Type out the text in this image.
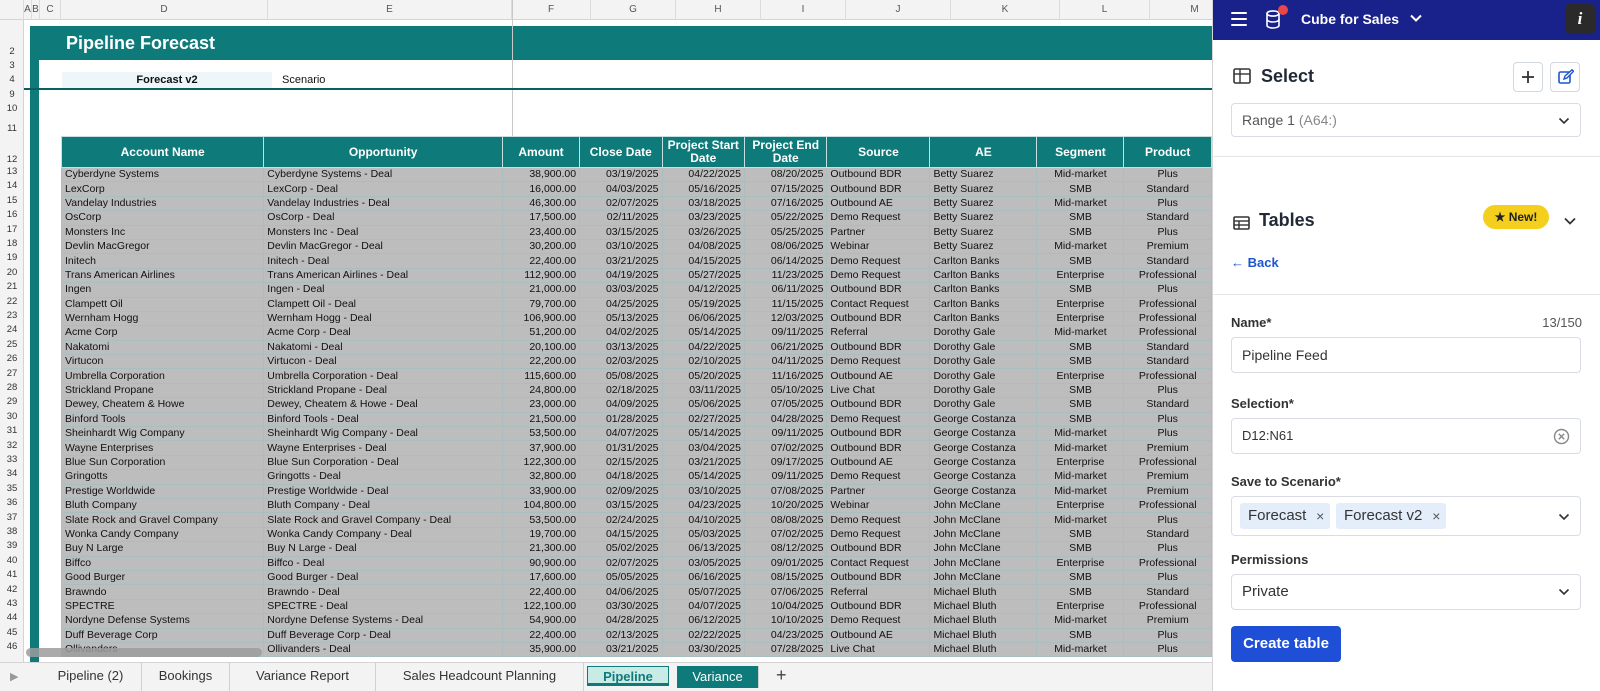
A B C	D	E	F	G	H	I	J	K	L	M
2
3
4
9
10
11
12
13
14
15
16
17
18
19
20
21
22
23
24
25
26
27
28
29
30
31
32
33
34
35
36
37
38
39
40
41
42
43
44
45
46
Pipeline Forecast
Forecast v2	Scenario
Account Name	Opportunity	Amount	Close Date	Project Start Date	Project End Date	Source	AE	Segment	Product
Cyberdyne Systems	Cyberdyne Systems - Deal	38,900.00	03/19/2025	04/22/2025	08/20/2025	Outbound BDR	Betty Suarez	Mid-market	Plus
LexCorp	LexCorp - Deal	16,000.00	04/03/2025	05/16/2025	07/15/2025	Outbound BDR	Betty Suarez	SMB	Standard
Vandelay Industries	Vandelay Industries - Deal	46,300.00	02/07/2025	03/18/2025	07/16/2025	Outbound AE	Betty Suarez	Mid-market	Plus
OsCorp	OsCorp - Deal	17,500.00	02/11/2025	03/23/2025	05/22/2025	Demo Request	Betty Suarez	SMB	Standard
Monsters Inc	Monsters Inc - Deal	23,400.00	03/15/2025	03/26/2025	05/25/2025	Partner	Betty Suarez	SMB	Plus
Devlin MacGregor	Devlin MacGregor - Deal	30,200.00	03/10/2025	04/08/2025	08/06/2025	Webinar	Betty Suarez	Mid-market	Premium
Initech	Initech - Deal	22,400.00	03/21/2025	04/15/2025	06/14/2025	Demo Request	Carlton Banks	SMB	Standard
Trans American Airlines	Trans American Airlines - Deal	112,900.00	04/19/2025	05/27/2025	11/23/2025	Demo Request	Carlton Banks	Enterprise	Professional
Ingen	Ingen - Deal	21,000.00	03/03/2025	04/12/2025	06/11/2025	Outbound BDR	Carlton Banks	SMB	Plus
Clampett Oil	Clampett Oil - Deal	79,700.00	04/25/2025	05/19/2025	11/15/2025	Contact Request	Carlton Banks	Enterprise	Professional
Wernham Hogg	Wernham Hogg - Deal	106,900.00	05/13/2025	06/06/2025	12/03/2025	Outbound BDR	Carlton Banks	Enterprise	Professional
Acme Corp	Acme Corp - Deal	51,200.00	04/02/2025	05/14/2025	09/11/2025	Referral	Dorothy Gale	Mid-market	Professional
Nakatomi	Nakatomi - Deal	20,100.00	03/13/2025	04/22/2025	06/21/2025	Outbound BDR	Dorothy Gale	SMB	Standard
Virtucon	Virtucon - Deal	22,200.00	02/03/2025	02/10/2025	04/11/2025	Demo Request	Dorothy Gale	SMB	Standard
Umbrella Corporation	Umbrella Corporation - Deal	115,600.00	05/08/2025	05/20/2025	11/16/2025	Outbound AE	Dorothy Gale	Enterprise	Professional
Strickland Propane	Strickland Propane - Deal	24,800.00	02/18/2025	03/11/2025	05/10/2025	Live Chat	Dorothy Gale	SMB	Plus
Dewey, Cheatem & Howe	Dewey, Cheatem & Howe - Deal	23,000.00	04/09/2025	05/06/2025	07/05/2025	Outbound BDR	Dorothy Gale	SMB	Standard
Binford Tools	Binford Tools - Deal	21,500.00	01/28/2025	02/27/2025	04/28/2025	Demo Request	George Costanza	SMB	Plus
Sheinhardt Wig Company	Sheinhardt Wig Company - Deal	53,500.00	04/07/2025	05/14/2025	09/11/2025	Outbound BDR	George Costanza	Mid-market	Plus
Wayne Enterprises	Wayne Enterprises - Deal	37,900.00	01/31/2025	03/04/2025	07/02/2025	Outbound BDR	George Costanza	Mid-market	Premium
Blue Sun Corporation	Blue Sun Corporation - Deal	122,300.00	02/15/2025	03/21/2025	09/17/2025	Outbound AE	George Costanza	Enterprise	Professional
Gringotts	Gringotts - Deal	32,800.00	04/18/2025	05/14/2025	09/11/2025	Demo Request	George Costanza	Mid-market	Premium
Prestige Worldwide	Prestige Worldwide - Deal	33,900.00	02/09/2025	03/10/2025	07/08/2025	Partner	George Costanza	Mid-market	Premium
Bluth Company	Bluth Company - Deal	104,800.00	03/15/2025	04/23/2025	10/20/2025	Webinar	John McClane	Enterprise	Professional
Slate Rock and Gravel Company	Slate Rock and Gravel Company - Deal	53,500.00	02/24/2025	04/10/2025	08/08/2025	Demo Request	John McClane	Mid-market	Plus
Wonka Candy Company	Wonka Candy Company - Deal	19,700.00	04/15/2025	05/03/2025	07/02/2025	Demo Request	John McClane	SMB	Standard
Buy N Large	Buy N Large - Deal	21,300.00	05/02/2025	06/13/2025	08/12/2025	Outbound BDR	John McClane	SMB	Plus
Biffco	Biffco - Deal	90,900.00	02/07/2025	03/05/2025	09/01/2025	Contact Request	John McClane	Enterprise	Professional
Good Burger	Good Burger - Deal	17,600.00	05/05/2025	06/16/2025	08/15/2025	Outbound BDR	John McClane	SMB	Plus
Brawndo	Brawndo - Deal	22,400.00	04/06/2025	05/07/2025	07/06/2025	Referral	Michael Bluth	SMB	Standard
SPECTRE	SPECTRE - Deal	122,100.00	03/30/2025	04/07/2025	10/04/2025	Outbound BDR	Michael Bluth	Enterprise	Professional
Nordyne Defense Systems	Nordyne Defense Systems - Deal	54,900.00	04/28/2025	06/12/2025	10/10/2025	Demo Request	Michael Bluth	Mid-market	Premium
Duff Beverage Corp	Duff Beverage Corp - Deal	22,400.00	02/13/2025	02/22/2025	04/23/2025	Outbound AE	Michael Bluth	SMB	Plus
	Ollivanders - Deal	35,900.00	03/21/2025	03/30/2025	07/28/2025	Live Chat	Michael Bluth	Mid-market	Plus
▶	Pipeline (2)	Bookings	Variance Report	Sales Headcount Planning	Pipeline	Variance	+
Cube for Sales	i
Select
Range 1 (A64:)
Tables	★ New!
← Back
Name*	13/150
Pipeline Feed
Selection*
D12:N61
Save to Scenario*
Forecast ×	Forecast v2 ×
Permissions
Private
Create table
